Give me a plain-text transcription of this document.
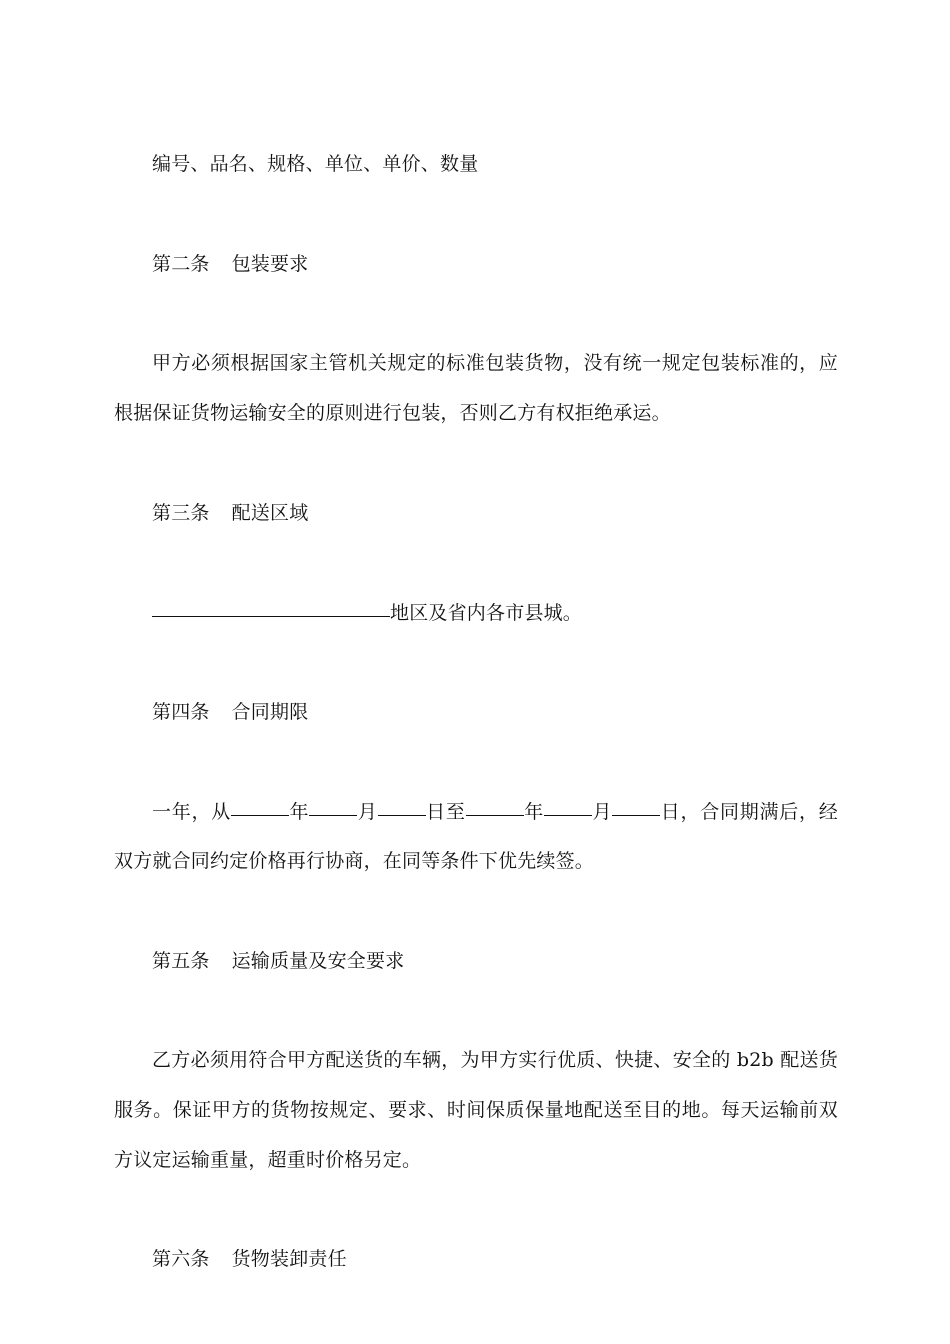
编号、品名、规格、单位、单价、数量
第二条 包装要求
甲方必须根据国家主管机关规定的标准包装货物，没有统一规定包装标准的，应
根据保证货物运输安全的原则进行包装，否则乙方有权拒绝承运。
第三条 配送区域
地区及省内各市县城。
第四条 合同期限
一年，从	年	月	日至	年	月	日，合同期满后，经
双方就合同约定价格再行协商，在同等条件下优先续签。
第五条 运输质量及安全要求
乙方必须用符合甲方配送货的车辆，为甲方实行优质、快捷、安全的 b2b 配送货
服务。保证甲方的货物按规定、要求、时间保质保量地配送至目的地。每天运输前双
方议定运输重量，超重时价格另定。
第六条 货物装卸责任
